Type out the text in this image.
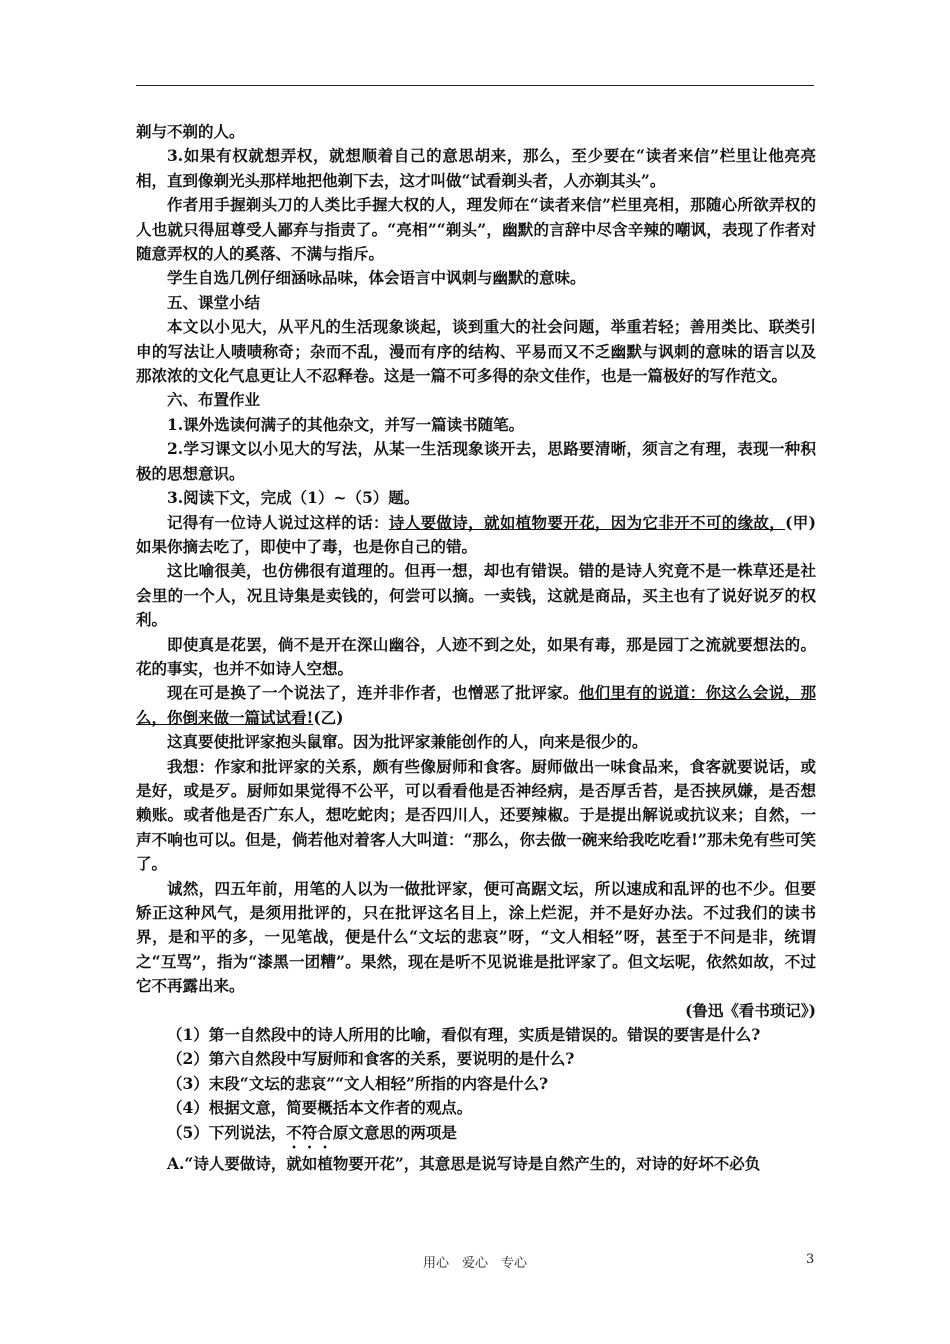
剃与不剃的人。

3.如果有权就想弄权，就想顺着自己的意思胡来，那么，至少要在“读者来信”栏里让他亮亮相，直到像剃光头那样地把他剃下去，这才叫做“试看剃头者，人亦剃其头”。

作者用手握剃头刀的人类比手握大权的人，理发师在“读者来信”栏里亮相，那随心所欲弄权的人也就只得屈尊受人鄙弃与指责了。“亮相”“剃头”，幽默的言辞中尽含辛辣的嘲讽，表现了作者对随意弄权的人的奚落、不满与指斥。

学生自选几例仔细涵咏品味，体会语言中讽刺与幽默的意味。

五、课堂小结

本文以小见大，从平凡的生活现象谈起，谈到重大的社会问题，举重若轻；善用类比、联类引申的写法让人啧啧称奇；杂而不乱，漫而有序的结构、平易而又不乏幽默与讽刺的意味的语言以及那浓浓的文化气息更让人不忍释卷。这是一篇不可多得的杂文佳作，也是一篇极好的写作范文。

六、布置作业

1.课外选读何满子的其他杂文，并写一篇读书随笔。

2.学习课文以小见大的写法，从某一生活现象谈开去，思路要清晰，须言之有理，表现一种积极的思想意识。

3.阅读下文，完成（1）~（5）题。

记得有一位诗人说过这样的话：诗人要做诗，就如植物要开花，因为它非开不可的缘故，(甲)如果你摘去吃了，即使中了毒，也是你自己的错。

这比喻很美，也仿佛很有道理的。但再一想，却也有错误。错的是诗人究竟不是一株草还是社会里的一个人，况且诗集是卖钱的，何尝可以摘。一卖钱，这就是商品，买主也有了说好说歹的权利。

即使真是花罢，倘不是开在深山幽谷，人迹不到之处，如果有毒，那是园丁之流就要想法的。花的事实，也并不如诗人空想。

现在可是换了一个说法了，连并非作者，也憎恶了批评家。他们里有的说道：你这么会说，那么，你倒来做一篇试试看!(乙)

这真要使批评家抱头鼠窜。因为批评家兼能创作的人，向来是很少的。

我想：作家和批评家的关系，颇有些像厨师和食客。厨师做出一味食品来，食客就要说话，或是好，或是歹。厨师如果觉得不公平，可以看看他是否神经病，是否厚舌苔，是否挟夙嫌，是否想赖账。或者他是否广东人，想吃蛇肉；是否四川人，还要辣椒。于是提出解说或抗议来；自然，一声不响也可以。但是，倘若他对着客人大叫道：“那么，你去做一碗来给我吃吃看!”那未免有些可笑了。

诚然，四五年前，用笔的人以为一做批评家，便可高踞文坛，所以速成和乱评的也不少。但要矫正这种风气，是须用批评的，只在批评这名目上，涂上烂泥，并不是好办法。不过我们的读书界，是和平的多，一见笔战，便是什么“文坛的悲哀”呀，“文人相轻”呀，甚至于不问是非，统谓之“互骂”，指为“漆黑一团糟”。果然，现在是听不见说谁是批评家了。但文坛呢，依然如故，不过它不再露出来。

(鲁迅《看书琐记》)

（1）第一自然段中的诗人所用的比喻，看似有理，实质是错误的。错误的要害是什么?

（2）第六自然段中写厨师和食客的关系，要说明的是什么?

（3）末段“文坛的悲哀”“文人相轻”所指的内容是什么?

（4）根据文意，简要概括本文作者的观点。

（5）下列说法，不符合原文意思的两项是

A.“诗人要做诗，就如植物要开花”，其意思是说写诗是自然产生的，对诗的好坏不必负

用心　爱心　专心	3
